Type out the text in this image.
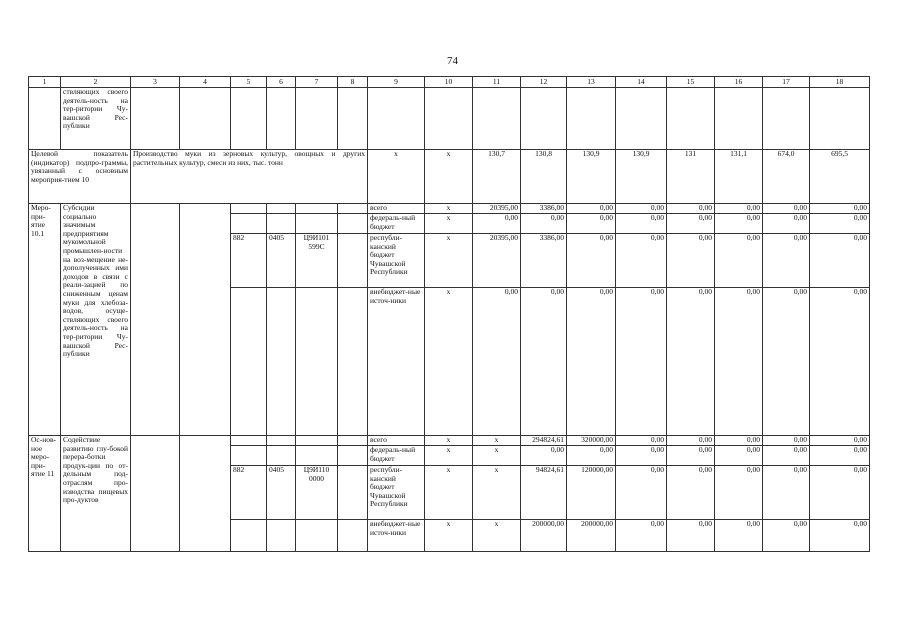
74
1	2	3	4	5	6	7	8	9	10	11	12	13	14	15	16	17	18
	ствляющих своего деятель-ность на тер-ритории Чу-вашской Рес-публики																
Целевой показатель (индикатор) подпро-граммы, увязанный с основным мероприя-тием 10		Производство муки из зерновых культур, овощных и других растительных культур, смеси из них, тыс. тонн						x	x	130,7	130,8	130,9	130,9	131	131,1	674,0	695,5
Меро-при-ятие 10.1	Субсидии социально значимым предприятиям мукомольной промышлен-ности на воз-мещение не-дополученных ими доходов в связи с реали-зацией по сниженным ценам муки для хлебоза-водов, осуще-ствляющих своего деятель-ность на тер-ритории Чу-вашской Рес-публики							всего	x	20395,00	3386,00	0,00	0,00	0,00	0,00	0,00	0,00
								федераль-ный бюджет	x	0,00	0,00	0,00	0,00	0,00	0,00	0,00	0,00
				882	0405	Ц9И101 599С		республи-канский бюджет Чувашской Республики	x	20395,00	3386,00	0,00	0,00	0,00	0,00	0,00	0,00
								внебюджет-ные источ-ники	x	0,00	0,00	0,00	0,00	0,00	0,00	0,00	0,00
Ос-нов-ное меро-при-ятие 11	Содействие развитию глу-бокой перера-ботки продук-ции по от-дельным под-отраслям про-изводства пищевых про-дуктов							всего	x	x	294824,61	320000,00	0,00	0,00	0,00	0,00	0,00
								федераль-ный бюджет	x	x	0,00	0,00	0,00	0,00	0,00	0,00	0,00
				882	0405	Ц9И110 0000		республи-канский бюджет Чувашской Республики	x	x	94824,61	120000,00	0,00	0,00	0,00	0,00	0,00
								внебюджет-ные источ-ники	x	x	200000,00	200000,00	0,00	0,00	0,00	0,00	0,00
